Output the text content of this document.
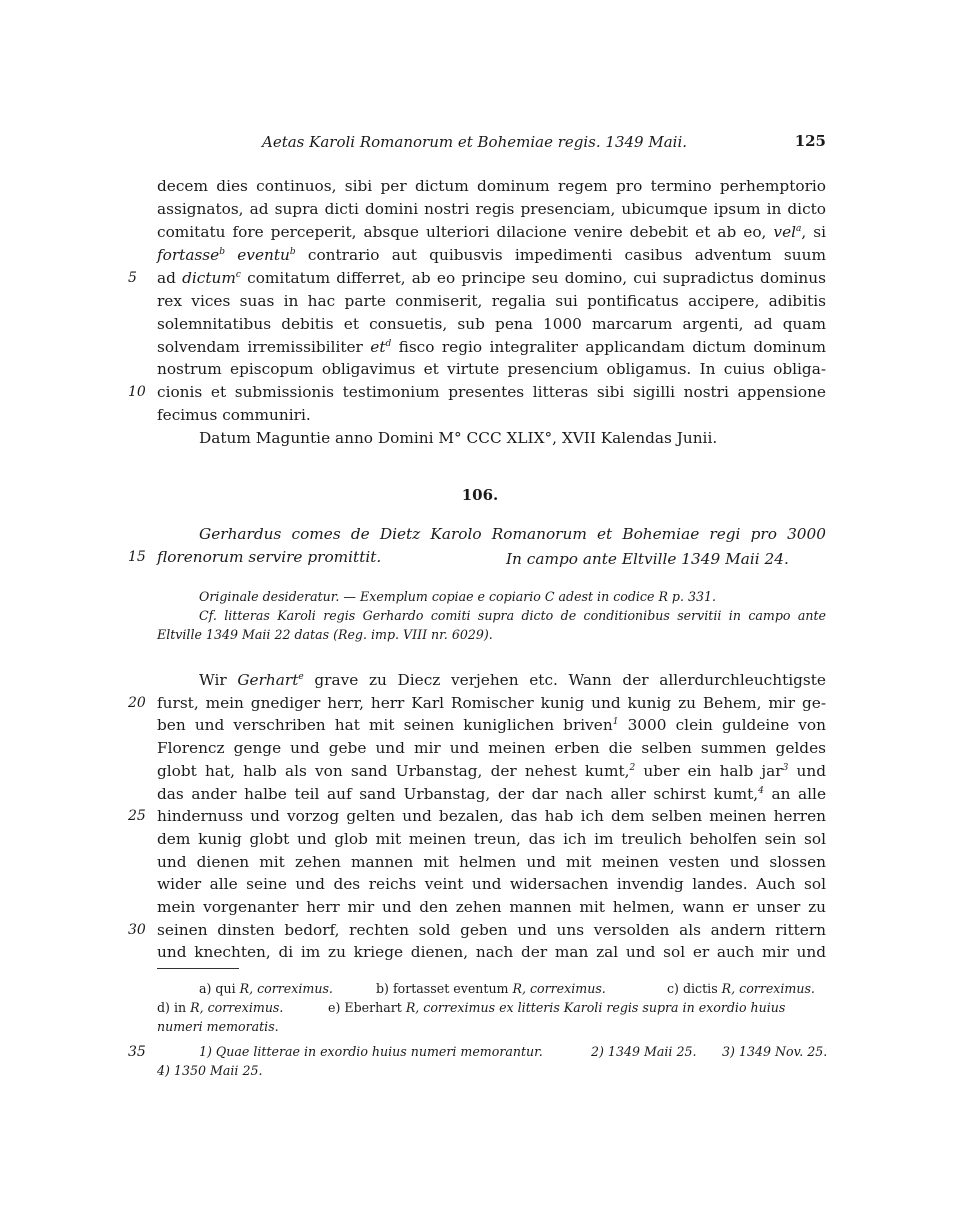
Aetas Karoli Romanorum et Bohemiae regis. 1349 Maii.	125
decem dies continuos, sibi per dictum dominum regem pro termino perhemptorio
assignatos, ad supra dicti domini nostri regis presenciam, ubicumque ipsum in dicto
comitatu fore perceperit, absque ulteriori dilacione venire debebit et ab eo, vel$^a$, si
fortasse$^b$ eventu$^b$ contrario aut quibusvis impedimenti casibus adventum suum
5	ad dictum$^c$ comitatum differret, ab eo principe seu domino, cui supradictus dominus
rex vices suas in hac parte conmiserit, regalia sui pontificatus accipere, adibitis
solemnitatibus debitis et consuetis, sub pena 1000 marcarum argenti, ad quam
solvendam irremissibiliter $et^d$ fisco regio integraliter applicandam dictum dominum
nostrum episcopum obligavimus et virtute presencium obligamus. In cuius obliga-
10 cionis et submissionis testimonium presentes litteras sibi sigilli nostri appensione
fecimus communiri.
Datum Maguntie anno Domini M° CCC XLIX°, XVII Kalendas Junii.
106.
Gerhardus comes de Dietz Karolo Romanorum et Bohemiae regi pro 3000
15 florenorum servire promittit.	In campo ante Eltville 1349 Maii 24.
Originale desideratur. — Exemplum copiae e copiario C adest in codice R p. 331.
Cf. litteras Karoli regis Gerhardo comiti supra dicto de conditionibus servitii in campo ante
Eltville 1349 Maii 22 datas (Reg. imp. VIII nr. 6029).
Wir Gerhart$^e$ grave zu Diecz verjehen etc. Wann der allerdurchleuchtigste
20 furst, mein gnediger herr, herr Karl Romischer kunig und kunig zu Behem, mir ge-
ben und verschriben hat mit seinen kuniglichen briven$^1$ 3000 clein guldeine von
Florencz genge und gebe und mir und meinen erben die selben summen geldes
globt hat, halb als von sand Urbanstag, der nehest kumt,$^2$ uber ein halb jar$^3$ und
das ander halbe teil auf sand Urbanstag, der dar nach aller schirst kumt,$^4$ an alle
25 hindernuss und vorzog gelten und bezalen, das hab ich dem selben meinen herren
dem kunig globt und glob mit meinen treun, das ich im treulich beholfen sein sol
und dienen mit zehen mannen mit helmen und mit meinen vesten und slossen
wider alle seine und des reichs veint und widersachen invendig landes. Auch sol
mein vorgenanter herr mir und den zehen mannen mit helmen, wann er unser zu
30 seinen dinsten bedorf, rechten sold geben und uns versolden als andern rittern
und knechten, di im zu kriege dienen, nach der man zal und sol er auch mir und
a) qui R, correximus.	b) fortasset eventum R, correximus.	c) dictis R, correximus.
d) in R, correximus.	e) Eberhart R, correximus ex litteris Karoli regis supra in exordio huius
numeri memoratis.
35	1) Quae litterae in exordio huius numeri memorantur.	2) 1349 Maii 25. 3) 1349 Nov. 25.
4) 1350 Maii 25.
